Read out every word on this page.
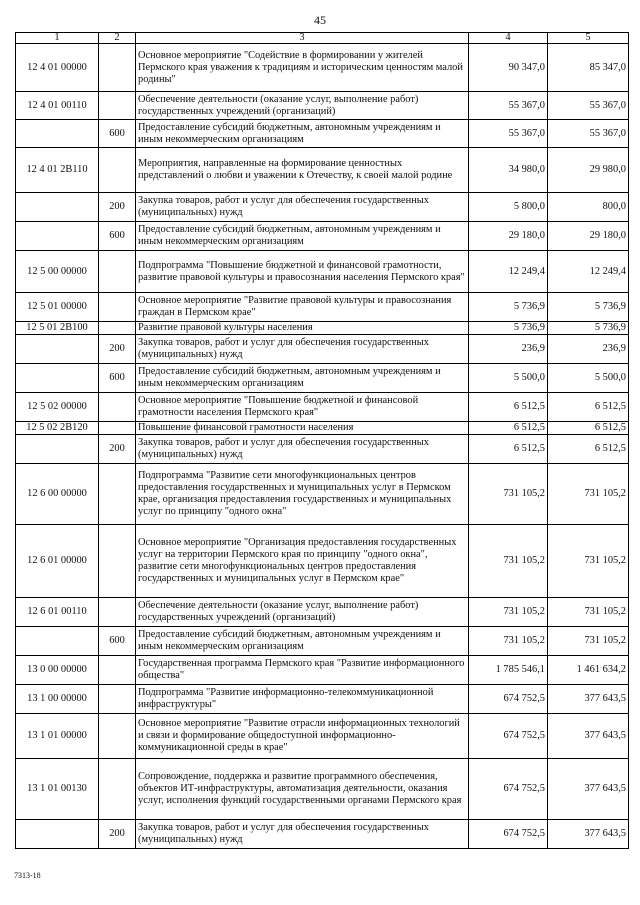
45
1	2	3	4	5
12 4 01 00000		Основное мероприятие "Содействие в формировании у жителей Пермского края уважения к традициям и историческим ценностям малой родины"	90 347,0	85 347,0
12 4 01 00110		Обеспечение деятельности (оказание услуг, выполнение работ) государственных учреждений (организаций)	55 367,0	55 367,0
	600	Предоставление субсидий бюджетным, автономным учреждениям и иным некоммерческим организациям	55 367,0	55 367,0
12 4 01 2B110		Мероприятия, направленные на формирование ценностных представлений о любви и уважении к Отечеству, к своей малой родине	34 980,0	29 980,0
	200	Закупка товаров, работ и услуг для обеспечения государственных (муниципальных) нужд	5 800,0	800,0
	600	Предоставление субсидий бюджетным, автономным учреждениям и иным некоммерческим организациям	29 180,0	29 180,0
12 5 00 00000		Подпрограмма "Повышение бюджетной и финансовой грамотности, развитие правовой культуры и правосознания населения Пермского края"	12 249,4	12 249,4
12 5 01 00000		Основное мероприятие "Развитие правовой культуры и правосознания граждан в Пермском крае"	5 736,9	5 736,9
12 5 01 2B100		Развитие правовой культуры населения	5 736,9	5 736,9
	200	Закупка товаров, работ и услуг для обеспечения государственных (муниципальных) нужд	236,9	236,9
	600	Предоставление субсидий бюджетным, автономным учреждениям и иным некоммерческим организациям	5 500,0	5 500,0
12 5 02 00000		Основное мероприятие "Повышение бюджетной и финансовой грамотности населения Пермского края"	6 512,5	6 512,5
12 5 02 2B120		Повышение финансовой грамотности населения	6 512,5	6 512,5
	200	Закупка товаров, работ и услуг для обеспечения государственных (муниципальных) нужд	6 512,5	6 512,5
12 6 00 00000		Подпрограмма "Развитие сети многофункциональных центров предоставления государственных и муниципальных услуг в Пермском крае, организация предоставления государственных и муниципальных услуг по принципу "одного окна"	731 105,2	731 105,2
12 6 01 00000		Основное мероприятие "Организация предоставления государственных услуг на территории Пермского края по принципу "одного окна", развитие сети многофункциональных центров предоставления государственных и муниципальных услуг в Пермском крае"	731 105,2	731 105,2
12 6 01 00110		Обеспечение деятельности (оказание услуг, выполнение работ) государственных учреждений (организаций)	731 105,2	731 105,2
	600	Предоставление субсидий бюджетным, автономным учреждениям и иным некоммерческим организациям	731 105,2	731 105,2
13 0 00 00000		Государственная программа Пермского края "Развитие информационного общества"	1 785 546,1	1 461 634,2
13 1 00 00000		Подпрограмма "Развитие информационно-телекоммуникационной инфраструктуры"	674 752,5	377 643,5
13 1 01 00000		Основное мероприятие "Развитие отрасли информационных технологий и связи и формирование общедоступной информационно-коммуникационной среды в крае"	674 752,5	377 643,5
13 1 01 00130		Сопровождение, поддержка и развитие программного обеспечения, объектов ИТ-инфраструктуры, автоматизация деятельности, оказания услуг, исполнения функций государственными органами Пермского края	674 752,5	377 643,5
	200	Закупка товаров, работ и услуг для обеспечения государственных (муниципальных) нужд	674 752,5	377 643,5
7313-18
